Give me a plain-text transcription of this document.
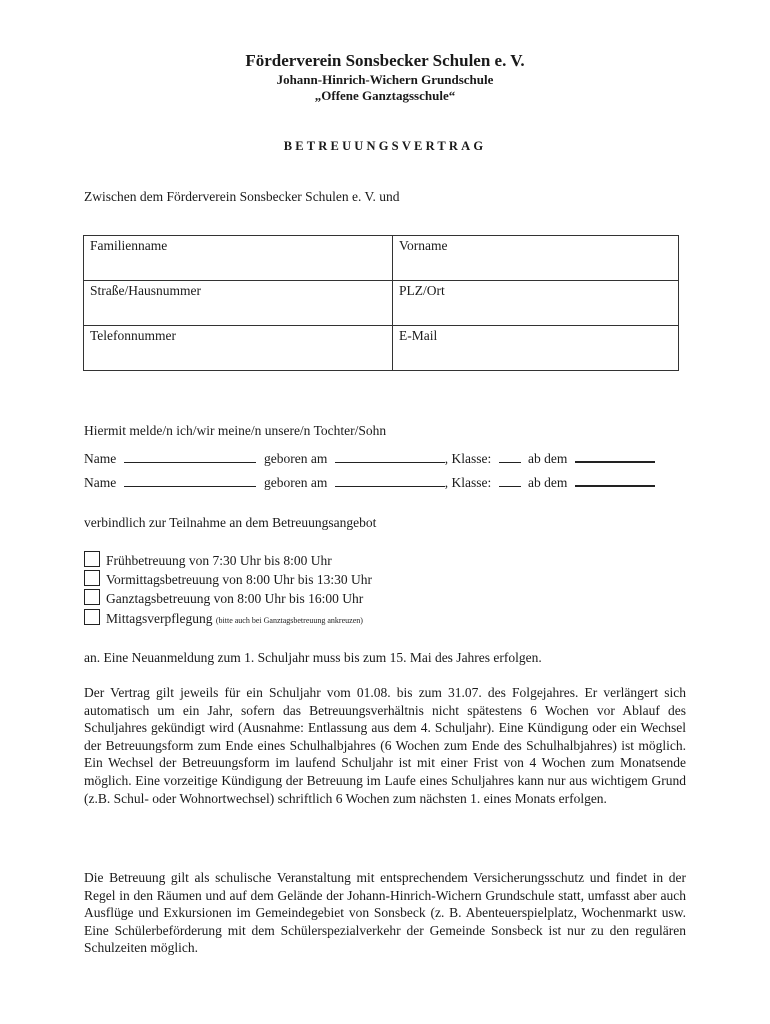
Förderverein Sonsbecker Schulen e. V.
Johann-Hinrich-Wichern Grundschule
„Offene Ganztagsschule“
BETREUUNGSVERTRAG
Zwischen dem Förderverein Sonsbecker Schulen e. V. und
Familienname	Vorname
Straße/Hausnummer	PLZ/Ort
Telefonnummer	E-Mail
Hiermit melde/n ich/wir meine/n unsere/n Tochter/Sohn
Name	geboren am	, Klasse:	ab dem
Name	geboren am	, Klasse:	ab dem
verbindlich zur Teilnahme an dem Betreuungsangebot
Frühbetreuung von 7:30 Uhr bis 8:00 Uhr
Vormittagsbetreuung von 8:00 Uhr bis 13:30 Uhr
Ganztagsbetreuung von 8:00 Uhr bis 16:00 Uhr
Mittagsverpflegung (bitte auch bei Ganztagsbetreuung ankreuzen)
an. Eine Neuanmeldung zum 1. Schuljahr muss bis zum 15. Mai des Jahres erfolgen.
Der Vertrag gilt jeweils für ein Schuljahr vom 01.08. bis zum 31.07. des Folgejahres. Er verlängert sich automatisch um ein Jahr, sofern das Betreuungsverhältnis nicht spätestens 6 Wochen vor Ablauf des Schuljahres gekündigt wird (Ausnahme: Entlassung aus dem 4. Schuljahr). Eine Kündigung oder ein Wechsel der Betreuungsform zum Ende eines Schulhalbjahres (6 Wochen zum Ende des Schulhalbjahres) ist möglich. Ein Wechsel der Betreuungsform im laufend Schuljahr ist mit einer Frist von 4 Wochen zum Monatsende möglich. Eine vorzeitige Kündigung der Betreuung im Laufe eines Schuljahres kann nur aus wichtigem Grund (z.B. Schul- oder Wohnortwechsel) schriftlich 6 Wochen zum nächsten 1. eines Monats erfolgen.
Die Betreuung gilt als schulische Veranstaltung mit entsprechendem Versicherungsschutz und findet in der Regel in den Räumen und auf dem Gelände der Johann-Hinrich-Wichern Grundschule statt, umfasst aber auch Ausflüge und Exkursionen im Gemeindegebiet von Sonsbeck (z. B. Abenteuerspielplatz, Wochenmarkt usw. Eine Schülerbeförderung mit dem Schülerspezialverkehr der Gemeinde Sonsbeck ist nur zu den regulären Schulzeiten möglich.
